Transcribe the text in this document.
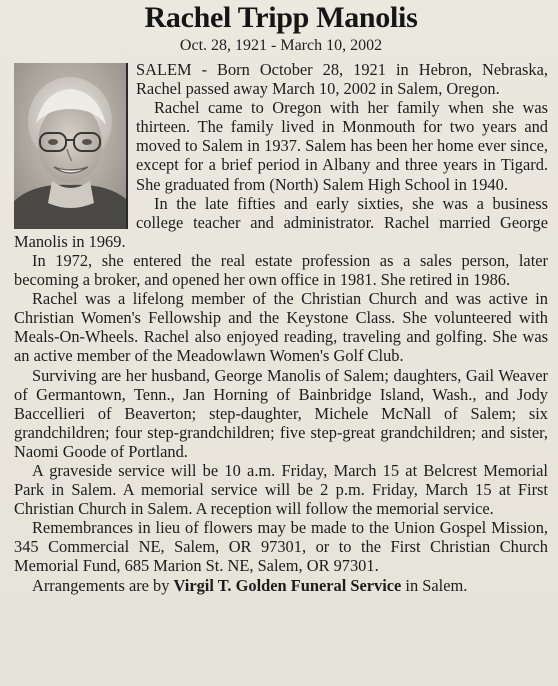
Rachel Tripp Manolis
Oct. 28, 1921 - March 10, 2002

SALEM - Born October 28, 1921 in Hebron, Nebraska, Rachel passed away March 10, 2002 in Salem, Oregon.

Rachel came to Oregon with her family when she was thirteen. The family lived in Monmouth for two years and moved to Salem in 1937. Salem has been her home ever since, except for a brief period in Albany and three years in Tigard. She graduated from (North) Salem High School in 1940.

In the late fifties and early sixties, she was a business college teacher and administrator. Rachel married George Manolis in 1969.

In 1972, she entered the real estate profession as a sales person, later becoming a broker, and opened her own office in 1981. She retired in 1986.

Rachel was a lifelong member of the Christian Church and was active in Christian Women's Fellowship and the Keystone Class. She volunteered with Meals-On-Wheels. Rachel also enjoyed reading, traveling and golfing. She was an active member of the Meadowlawn Women's Golf Club.

Surviving are her husband, George Manolis of Salem; daughters, Gail Weaver of Germantown, Tenn., Jan Horning of Bainbridge Island, Wash., and Jody Baccellieri of Beaverton; step-daughter, Michele McNall of Salem; six grandchildren; four step-grandchildren; five step-great grandchildren; and sister, Naomi Goode of Portland.

A graveside service will be 10 a.m. Friday, March 15 at Belcrest Memorial Park in Salem. A memorial service will be 2 p.m. Friday, March 15 at First Christian Church in Salem. A reception will follow the memorial service.

Remembrances in lieu of flowers may be made to the Union Gospel Mission, 345 Commercial NE, Salem, OR 97301, or to the First Christian Church Memorial Fund, 685 Marion St. NE, Salem, OR 97301.

Arrangements are by Virgil T. Golden Funeral Service in Salem.
